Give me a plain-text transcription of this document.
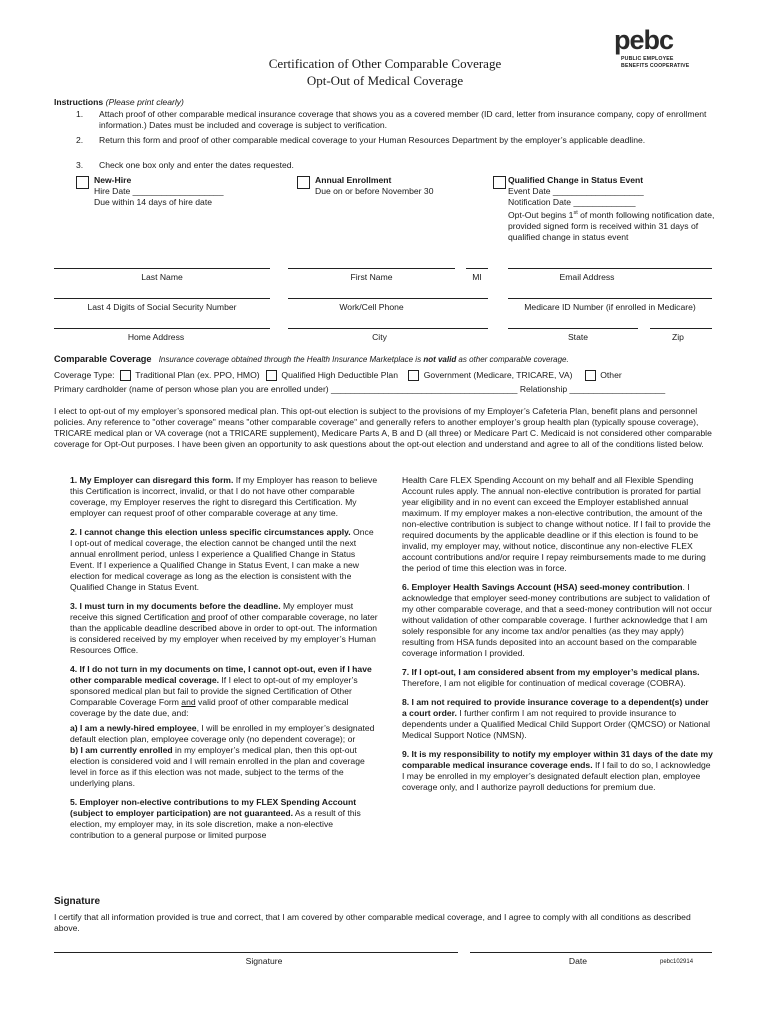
pebc
PUBLIC EMPLOYEE
BENEFITS COOPERATIVE
Certification of Other Comparable Coverage
Opt-Out of Medical Coverage
Instructions (Please print clearly)
1.	Attach proof of other comparable medical insurance coverage that shows you as a covered member (ID card, letter from insurance company, copy of enrollment information.) Dates must be included and coverage is subject to verification.
2.	Return this form and proof of other comparable medical coverage to your Human Resources Department by the employer’s applicable deadline.
3.	Check one box only and enter the dates requested.
New-Hire
Hire Date ___________________
Due within 14 days of hire date
Annual Enrollment
Due on or before November 30
Qualified Change in Status Event
Event Date ___________________
Notification Date _____________
Opt-Out begins 1st of month following notification date, provided signed form is received within 31 days of qualified change in status event
Last Name	First Name	MI	Email Address
Last 4 Digits of Social Security Number	Work/Cell Phone	Medicare ID Number (if enrolled in Medicare)
Home Address	City	State	Zip
Comparable Coverage Insurance coverage obtained through the Health Insurance Marketplace is not valid as other comparable coverage.
Coverage Type: Traditional Plan (ex. PPO, HMO)	Qualified High Deductible Plan	Government (Medicare, TRICARE, VA)	Other
Primary cardholder (name of person whose plan you are enrolled under) _______________________________________ Relationship ____________________
I elect to opt-out of my employer’s sponsored medical plan. This opt-out election is subject to the provisions of my Employer’s Cafeteria Plan, benefit plans and personnel policies. Any reference to "other coverage" means "other comparable coverage" and generally refers to another employer’s group health plan (typically spouse coverage), TRICARE medical plan or VA coverage (not a TRICARE supplement), Medicare Parts A, B and D (all three) or Medicare Part C. Medicaid is not considered other comparable coverage for Opt-Out purposes. I have been given an opportunity to ask questions about the opt-out election and understand and agree to all of the conditions listed below.

1. My Employer can disregard this form. If my Employer has reason to believe this Certification is incorrect, invalid, or that I do not have other comparable coverage, my Employer reserves the right to disregard this Certification. My employer can request proof of other comparable coverage at any time.

2. I cannot change this election unless specific circumstances apply. Once I opt-out of medical coverage, the election cannot be changed until the next annual enrollment period, unless I experience a Qualified Change in Status Event. If I experience a Qualified Change in Status Event, I can make a new election for medical coverage as long as the election is consistent with the Qualified Change in Status Event.

3. I must turn in my documents before the deadline. My employer must receive this signed Certification and proof of other comparable coverage, no later than the applicable deadline described above in order to opt-out. The information is considered received by my employer when received by my employer’s Human Resources Office.

4. If I do not turn in my documents on time, I cannot opt-out, even if I have other comparable medical coverage. If I elect to opt-out of my employer’s sponsored medical plan but fail to provide the signed Certification of Other Comparable Coverage Form and valid proof of other comparable medical coverage by the date due, and:

a) I am a newly-hired employee, I will be enrolled in my employer’s designated default election plan, employee coverage only (no dependent coverage); or

b) I am currently enrolled in my employer’s medical plan, then this opt-out election is considered void and I will remain enrolled in the plan and coverage level in force as if this election was not made, subject to the terms of the underlying plans.

5. Employer non-elective contributions to my FLEX Spending Account (subject to employer participation) are not guaranteed. As a result of this election, my employer may, in its sole discretion, make a non-elective contribution to a general purpose or limited purpose

Health Care FLEX Spending Account on my behalf and all Flexible Spending Account rules apply. The annual non-elective contribution is prorated for partial year eligibility and in no event can exceed the Employer established annual maximum. If my employer makes a non-elective contribution, the amount of the non-elective contribution is subject to change without notice. If I fail to provide the required documents by the applicable deadline or if this election is found to be invalid, my employer may, without notice, discontinue any non-elective FLEX account contributions and/or require I repay reimbursements made to me during the period of time this election was in force.

6. Employer Health Savings Account (HSA) seed-money contribution. I acknowledge that employer seed-money contributions are subject to validation of my other comparable coverage, and that a seed-money contribution will not occur without validation of other comparable coverage. I further acknowledge that I am solely responsible for any income tax and/or penalties (as they may apply) resulting from HSA funds deposited into an account based on the comparable coverage information I provided.

7. If I opt-out, I am considered absent from my employer’s medical plans. Therefore, I am not eligible for continuation of medical coverage (COBRA).

8. I am not required to provide insurance coverage to a dependent(s) under a court order. I further confirm I am not required to provide insurance to dependents under a Qualified Medical Child Support Order (QMCSO) or National Medical Support Notice (NMSN).

9. It is my responsibility to notify my employer within 31 days of the date my comparable medical insurance coverage ends. If I fail to do so, I acknowledge I may be enrolled in my employer’s designated default election plan, employee coverage only, and I authorize payroll deductions for premium due.

Signature
I certify that all information provided is true and correct, that I am covered by other comparable medical coverage, and I agree to comply with all conditions as described above.
Signature	Date	pebc102914
